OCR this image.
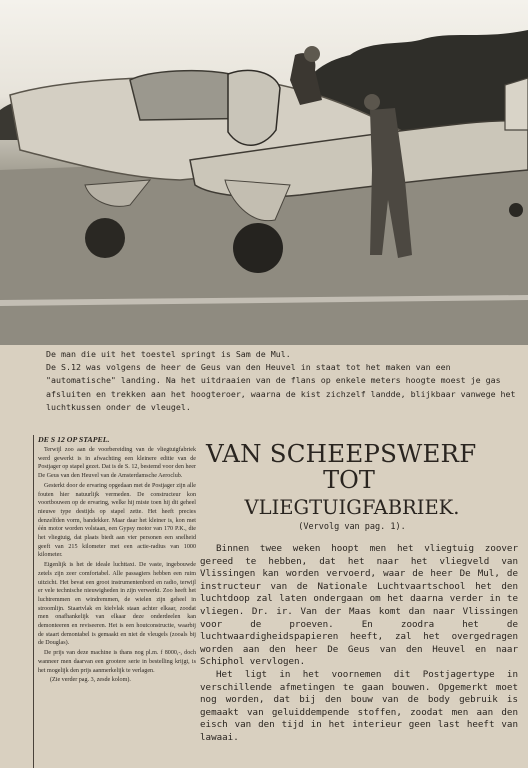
De man die uit het toestel springt is Sam de Mul.

De S.12 was volgens de heer de Geus van den Heuvel in staat tot het maken van een "automatische" landing. Na het uitdraaien van de flans op enkele meters hoogte moest je gas afsluiten en trekken aan het hoogteroer, waarna de kist zichzelf landde, blijkbaar vanwege het luchtkussen onder de vleugel.

DE S 12 OP STAPEL.

Terwijl zoo aan de voorbereiding van de vliegtuigfabriek werd gewerkt is in afwachting een kleinere editie van de Postjager op stapel gezet. Dat is de S. 12, bestemd voor den heer De Geus van den Heuvel van de Amsterdamsche Aeroclub.

Gesterkt door de ervaring opgedaan met de Postjager zijn alle fouten hier natuurlijk vermeden. De constructeur kon voortbouwen op de ervaring, welke hij miste toen hij dit geheel nieuwe type destijds op stapel zette. Het heeft precies denzelfden vorm, bandekker. Maar daar het kleiner is, kon met één motor worden volstaan, een Gypsy motor van 170 P.K., die het vliegtuig, dat plaats biedt aan vier personen een snelheid geeft van 215 kilometer met een actie-radius van 1000 kilometer.

Eigenlijk is het de ideale luchttaxi. De vaste, ingebouwde zetels zijn zeer comfortabel. Alle passagiers hebben een ruim uitzicht. Het bevat een groot instrumentenbord en radio, terwijl er vele technische nieuwigheden in zijn verwerkt. Zoo heeft het luchtremmen en windremmen, de wielen zijn geheel in stroomlijn. Staartvlak en kielvlak staan achter elkaar, zoodat men onafhankelijk van elkaar deze onderdeelen kan demonteeren en reviseeren. Het is een houtconstructie, waarbij de staart demontabel is gemaakt en niet de vleugels (zooals bij de Douglas).

De prijs van deze machine is thans nog pl.m. f 8000,-, doch wanneer men daarvan een grootere serie in bestelling krijgt, is het mogelijk den prijs aanmerkelijk te verlagen.

(Zie verder pag. 3, zesde kolom).

VAN SCHEEPSWERF
TOT
VLIEGTUIGFABRIEK.
(Vervolg van pag. 1).

Binnen twee weken hoopt men het vliegtuig zoover gereed te hebben, dat het naar het vliegveld van Vlissingen kan worden vervoerd, waar de heer De Mul, de instructeur van de Nationale Luchtvaartschool het den luchtdoop zal laten ondergaan om het daarna verder in te vliegen. Dr. ir. Van der Maas komt dan naar Vlissingen voor de proeven. En zoodra het de luchtwaardigheidspapieren heeft, zal het overgedragen worden aan den heer De Geus van den Heuvel en naar Schiphol vervlogen.

Het ligt in het voornemen dit Postjagertype in verschillende afmetingen te gaan bouwen. Opgemerkt moet nog worden, dat bij den bouw van de body gebruik is gemaakt van geluiddempende stoffen, zoodat men aan den eisch van den tijd in het interieur geen last heeft van lawaai.
